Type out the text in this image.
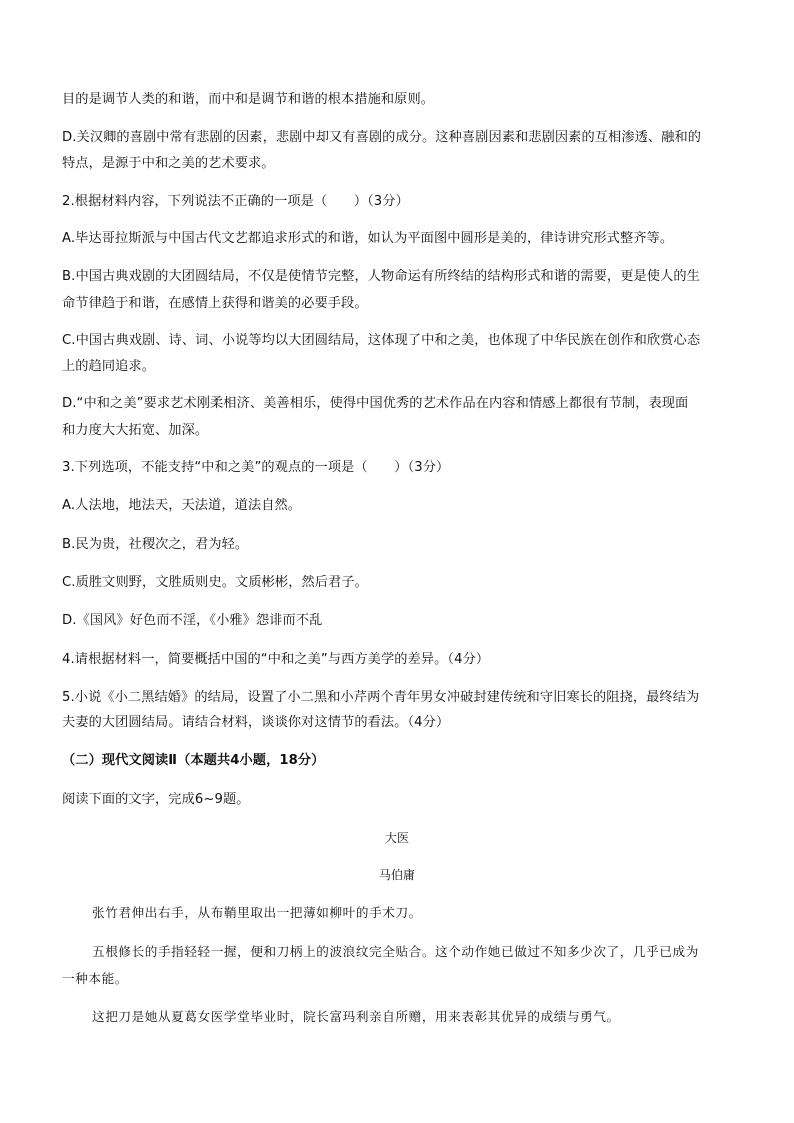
目的是调节人类的和谐，而中和是调节和谐的根本措施和原则。
D.关汉卿的喜剧中常有悲剧的因素，悲剧中却又有喜剧的成分。这种喜剧因素和悲剧因素的互相渗透、融和的
特点，是源于中和之美的艺术要求。
2.根据材料内容，下列说法不正确的一项是（　　）（3分）
A.毕达哥拉斯派与中国古代文艺都追求形式的和谐，如认为平面图中圆形是美的，律诗讲究形式整齐等。
B.中国古典戏剧的大团圆结局，不仅是使情节完整，人物命运有所终结的结构形式和谐的需要，更是使人的生
命节律趋于和谐，在感情上获得和谐美的必要手段。
C.中国古典戏剧、诗、词、小说等均以大团圆结局，这体现了中和之美，也体现了中华民族在创作和欣赏心态
上的趋同追求。
D.“中和之美”要求艺术刚柔相济、美善相乐，使得中国优秀的艺术作品在内容和情感上都很有节制，表现面
和力度大大拓宽、加深。
3.下列选项，不能支持“中和之美”的观点的一项是（　　）（3分）
A.人法地，地法天，天法道，道法自然。
B.民为贵，社稷次之，君为轻。
C.质胜文则野，文胜质则史。文质彬彬，然后君子。
D.《国风》好色而不淫，《小雅》怨诽而不乱
4.请根据材料一，简要概括中国的“中和之美”与西方美学的差异。（4分）
5.小说《小二黑结婚》的结局，设置了小二黑和小芹两个青年男女冲破封建传统和守旧寒长的阻挠，最终结为
夫妻的大团圆结局。请结合材料，谈谈你对这情节的看法。（4分）
（二）现代文阅读Ⅱ（本题共4小题，18分）
阅读下面的文字，完成6~9题。
大医
马伯庸
张竹君伸出右手，从布鞘里取出一把薄如柳叶的手术刀。
五根修长的手指轻轻一握，便和刀柄上的波浪纹完全贴合。这个动作她已做过不知多少次了，几乎已成为
一种本能。
这把刀是她从夏葛女医学堂毕业时，院长富玛利亲自所赠，用来表彰其优异的成绩与勇气。
